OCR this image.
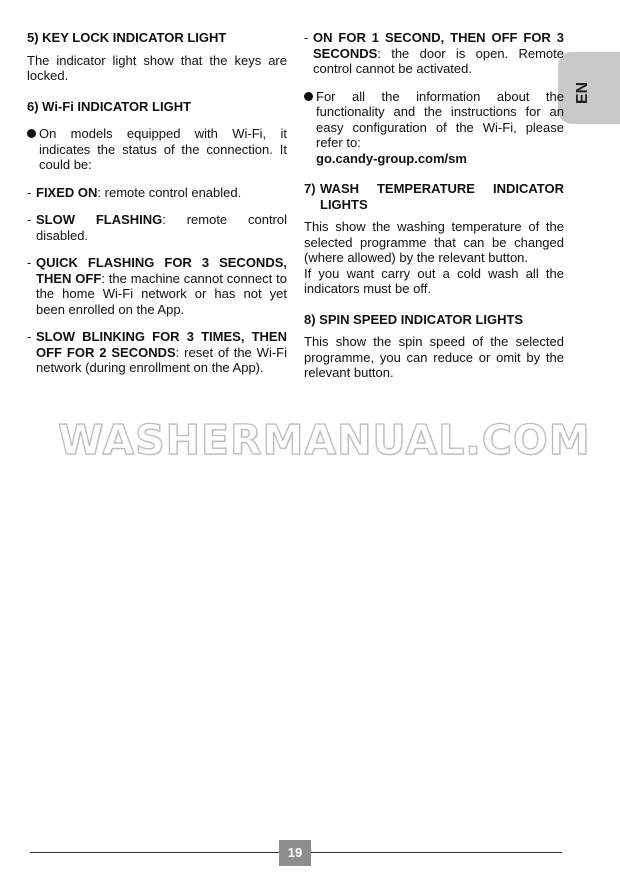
EN
5) KEY LOCK INDICATOR LIGHT

The indicator light show that the keys are locked.

6) Wi-Fi INDICATOR LIGHT
On models equipped with Wi-Fi, it indicates the status of the connection. It could be:
- FIXED ON: remote control enabled.
- SLOW FLASHING: remote control disabled.
- QUICK FLASHING FOR 3 SECONDS, THEN OFF: the machine cannot connect to the home Wi-Fi network or has not yet been enrolled on the App.
- SLOW BLINKING FOR 3 TIMES, THEN OFF FOR 2 SECONDS: reset of the Wi-Fi network (during enrollment on the App).
- ON FOR 1 SECOND, THEN OFF FOR 3 SECONDS: the door is open. Remote control cannot be activated.
For all the information about the functionality and the instructions for an easy configuration of the Wi-Fi, please refer to:
go.candy-group.com/sm
7) WASH TEMPERATURE INDICATOR
LIGHTS

This show the washing temperature of the selected programme that can be changed (where allowed) by the relevant button.

If you want carry out a cold wash all the indicators must be off.

8) SPIN SPEED INDICATOR LIGHTS

This show the spin speed of the selected programme, you can reduce or omit by the relevant button.

WASHERMANUAL.COM
19
